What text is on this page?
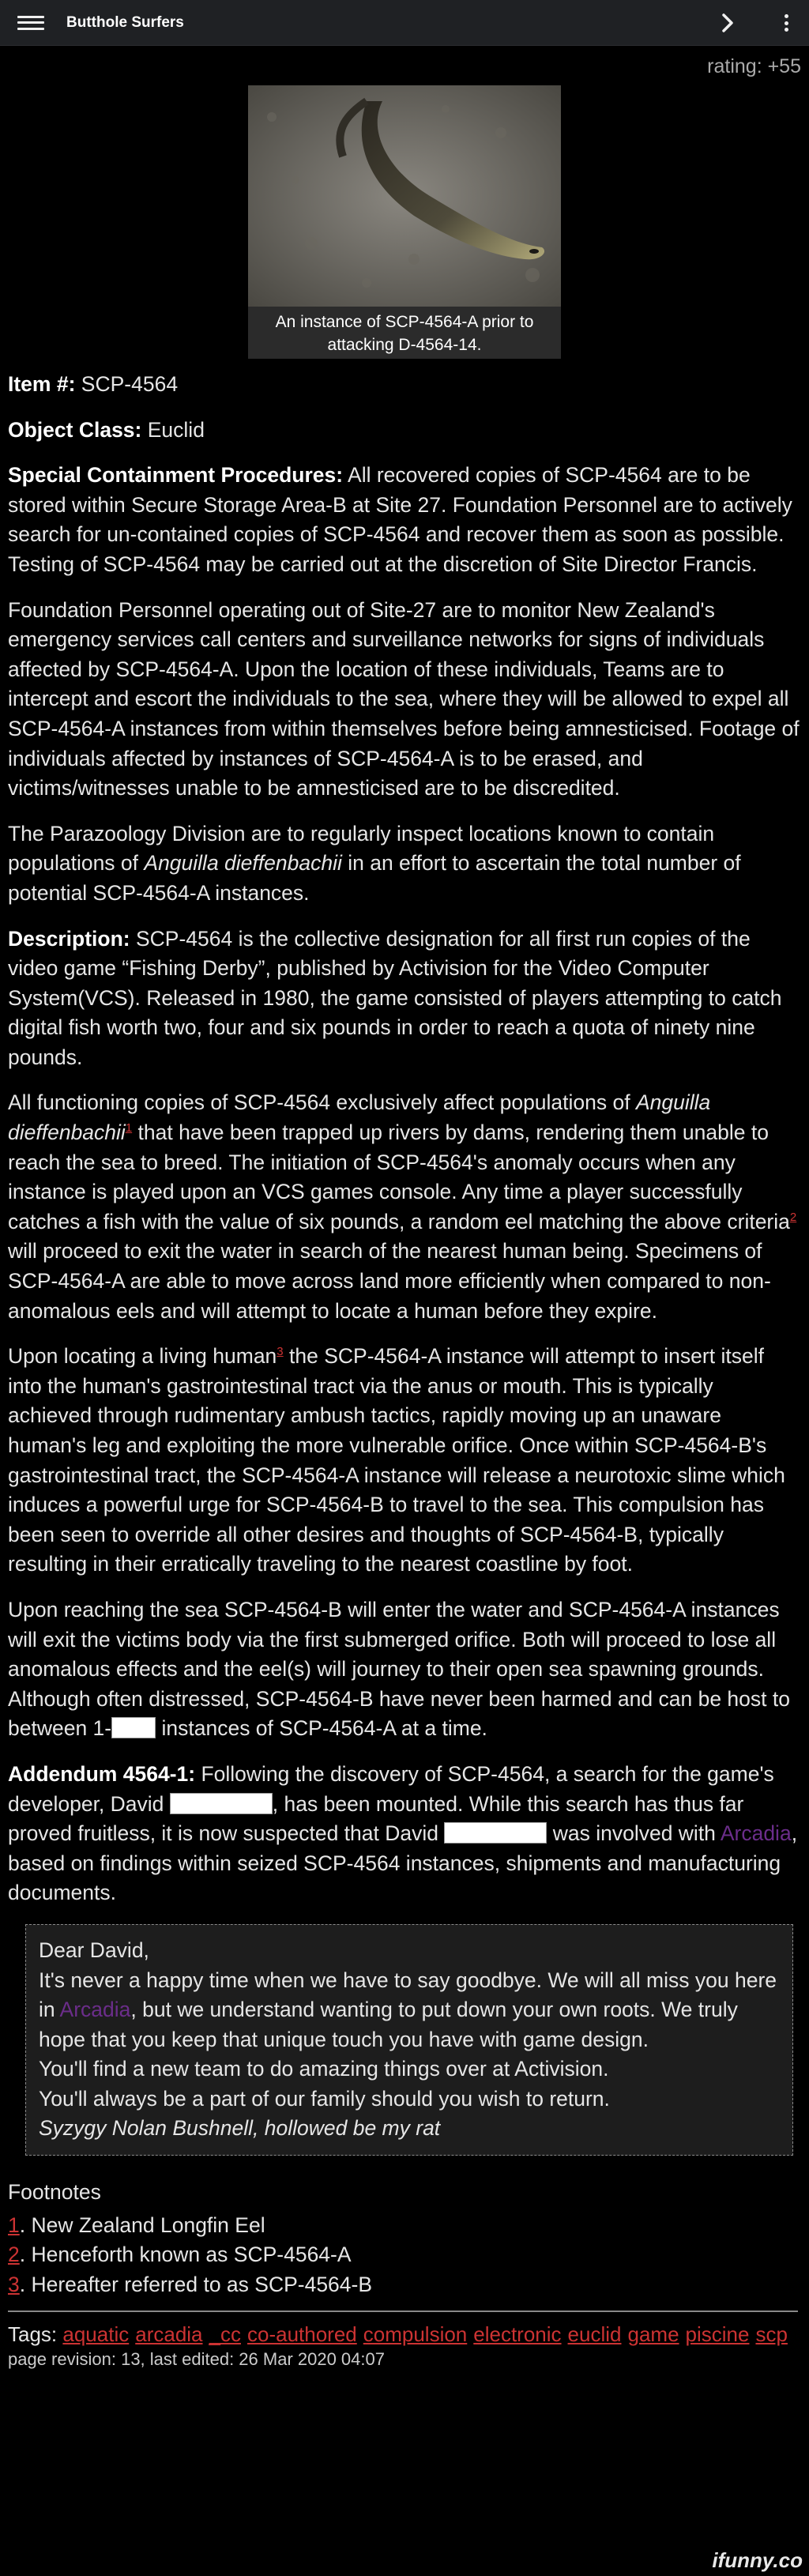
Butthole Surfers
rating: +55
An instance of SCP-4564-A prior to attacking D-4564-14.

Item #: SCP-4564

Object Class: Euclid

Special Containment Procedures: All recovered copies of SCP-4564 are to be stored within Secure Storage Area-B at Site 27. Foundation Personnel are to actively search for un-contained copies of SCP-4564 and recover them as soon as possible. Testing of SCP-4564 may be carried out at the discretion of Site Director Francis.

Foundation Personnel operating out of Site-27 are to monitor New Zealand's emergency services call centers and surveillance networks for signs of individuals affected by SCP-4564-A. Upon the location of these individuals, Teams are to intercept and escort the individuals to the sea, where they will be allowed to expel all SCP-4564-A instances from within themselves before being amnesticised. Footage of individuals affected by instances of SCP-4564-A is to be erased, and victims/witnesses unable to be amnesticised are to be discredited.

The Parazoology Division are to regularly inspect locations known to contain populations of Anguilla dieffenbachii in an effort to ascertain the total number of potential SCP-4564-A instances.

Description: SCP-4564 is the collective designation for all first run copies of the video game “Fishing Derby”, published by Activision for the Video Computer System(VCS). Released in 1980, the game consisted of players attempting to catch digital fish worth two, four and six pounds in order to reach a quota of ninety nine pounds.

All functioning copies of SCP-4564 exclusively affect populations of Anguilla dieffenbachii$^1$ that have been trapped up rivers by dams, rendering them unable to reach the sea to breed. The initiation of SCP-4564's anomaly occurs when any instance is played upon an VCS games console. Any time a player successfully catches a fish with the value of six pounds, a random eel matching the above criteria$^2$ will proceed to exit the water in search of the nearest human being. Specimens of SCP-4564-A are able to move across land more efficiently when compared to non-anomalous eels and will attempt to locate a human before they expire.

Upon locating a living human$^3$ the SCP-4564-A instance will attempt to insert itself into the human's gastrointestinal tract via the anus or mouth. This is typically achieved through rudimentary ambush tactics, rapidly moving up an unaware human's leg and exploiting the more vulnerable orifice. Once within SCP-4564-B's gastrointestinal tract, the SCP-4564-A instance will release a neurotoxic slime which induces a powerful urge for SCP-4564-B to travel to the sea. This compulsion has been seen to override all other desires and thoughts of SCP-4564-B, typically resulting in their erratically traveling to the nearest coastline by foot.

Upon reaching the sea SCP-4564-B will enter the water and SCP-4564-A instances will exit the victims body via the first submerged orifice. Both will proceed to lose all anomalous effects and the eel(s) will journey to their open sea spawning grounds. Although often distressed, SCP-4564-B have never been harmed and can be host to between 1- instances of SCP-4564-A at a time.

Addendum 4564-1: Following the discovery of SCP-4564, a search for the game's developer, David	, has been mounted. While this search has thus far proved fruitless, it is now suspected that David	was involved with Arcadia, based on findings within seized SCP-4564 instances, shipments and manufacturing documents.

Dear David,
It's never a happy time when we have to say goodbye. We will all miss you here in Arcadia, but we understand wanting to put down your own roots. We truly hope that you keep that unique touch you have with game design.
You'll find a new team to do amazing things over at Activision.
You'll always be a part of our family should you wish to return.
Syzygy Nolan Bushnell, hollowed be my rat
Footnotes
1. New Zealand Longfin Eel
2. Henceforth known as SCP-4564-A
3. Hereafter referred to as SCP-4564-B
Tags: aquatic arcadia _cc co-authored compulsion electronic euclid game piscine scp
page revision: 13, last edited: 26 Mar 2020 04:07
ifunny.co
